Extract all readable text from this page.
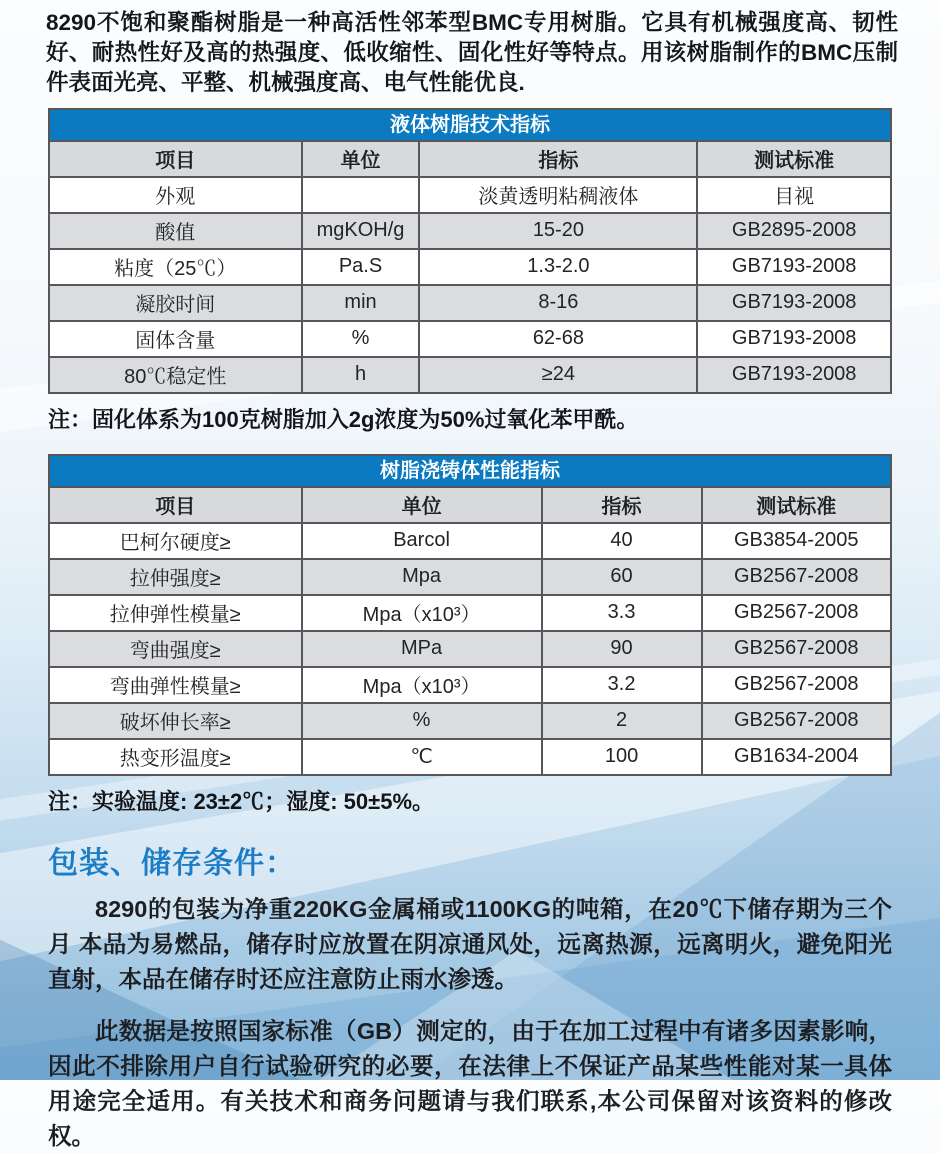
8290不饱和聚酯树脂是一种高活性邻苯型BMC专用树脂。它具有机械强度高、韧性好、耐热性好及高的热强度、低收缩性、固化性好等特点。用该树脂制作的BMC压制件表面光亮、平整、机械强度高、电气性能优良.

液体树脂技术指标
项目	单位	指标	测试标准
外观		淡黄透明粘稠液体	目视
酸值	mgKOH/g	15-20	GB2895-2008
粘度（25℃）	Pa.S	1.3-2.0	GB7193-2008
凝胶时间	min	8-16	GB7193-2008
固体含量	%	62-68	GB7193-2008
80℃稳定性	h	≥24	GB7193-2008

注：固化体系为100克树脂加入2g浓度为50%过氧化苯甲酰。

树脂浇铸体性能指标
项目	单位	指标	测试标准
巴柯尔硬度≥	Barcol	40	GB3854-2005
拉伸强度≥	Mpa	60	GB2567-2008
拉伸弹性模量≥	Mpa（x10³）	3.3	GB2567-2008
弯曲强度≥	MPa	90	GB2567-2008
弯曲弹性模量≥	Mpa（x10³）	3.2	GB2567-2008
破坏伸长率≥	%	2	GB2567-2008
热变形温度≥	℃	100	GB1634-2004

注：实验温度: 23±2℃；湿度: 50±5%。

包装、储存条件：

8290的包装为净重220KG金属桶或1100KG的吨箱，在20℃下储存期为三个月 本品为易燃品，储存时应放置在阴凉通风处，远离热源，远离明火，避免阳光直射，本品在储存时还应注意防止雨水渗透。

此数据是按照国家标准（GB）测定的，由于在加工过程中有诸多因素影响，因此不排除用户自行试验研究的必要，在法律上不保证产品某些性能对某一具体用途完全适用。有关技术和商务问题请与我们联系,本公司保留对该资料的修改权。
